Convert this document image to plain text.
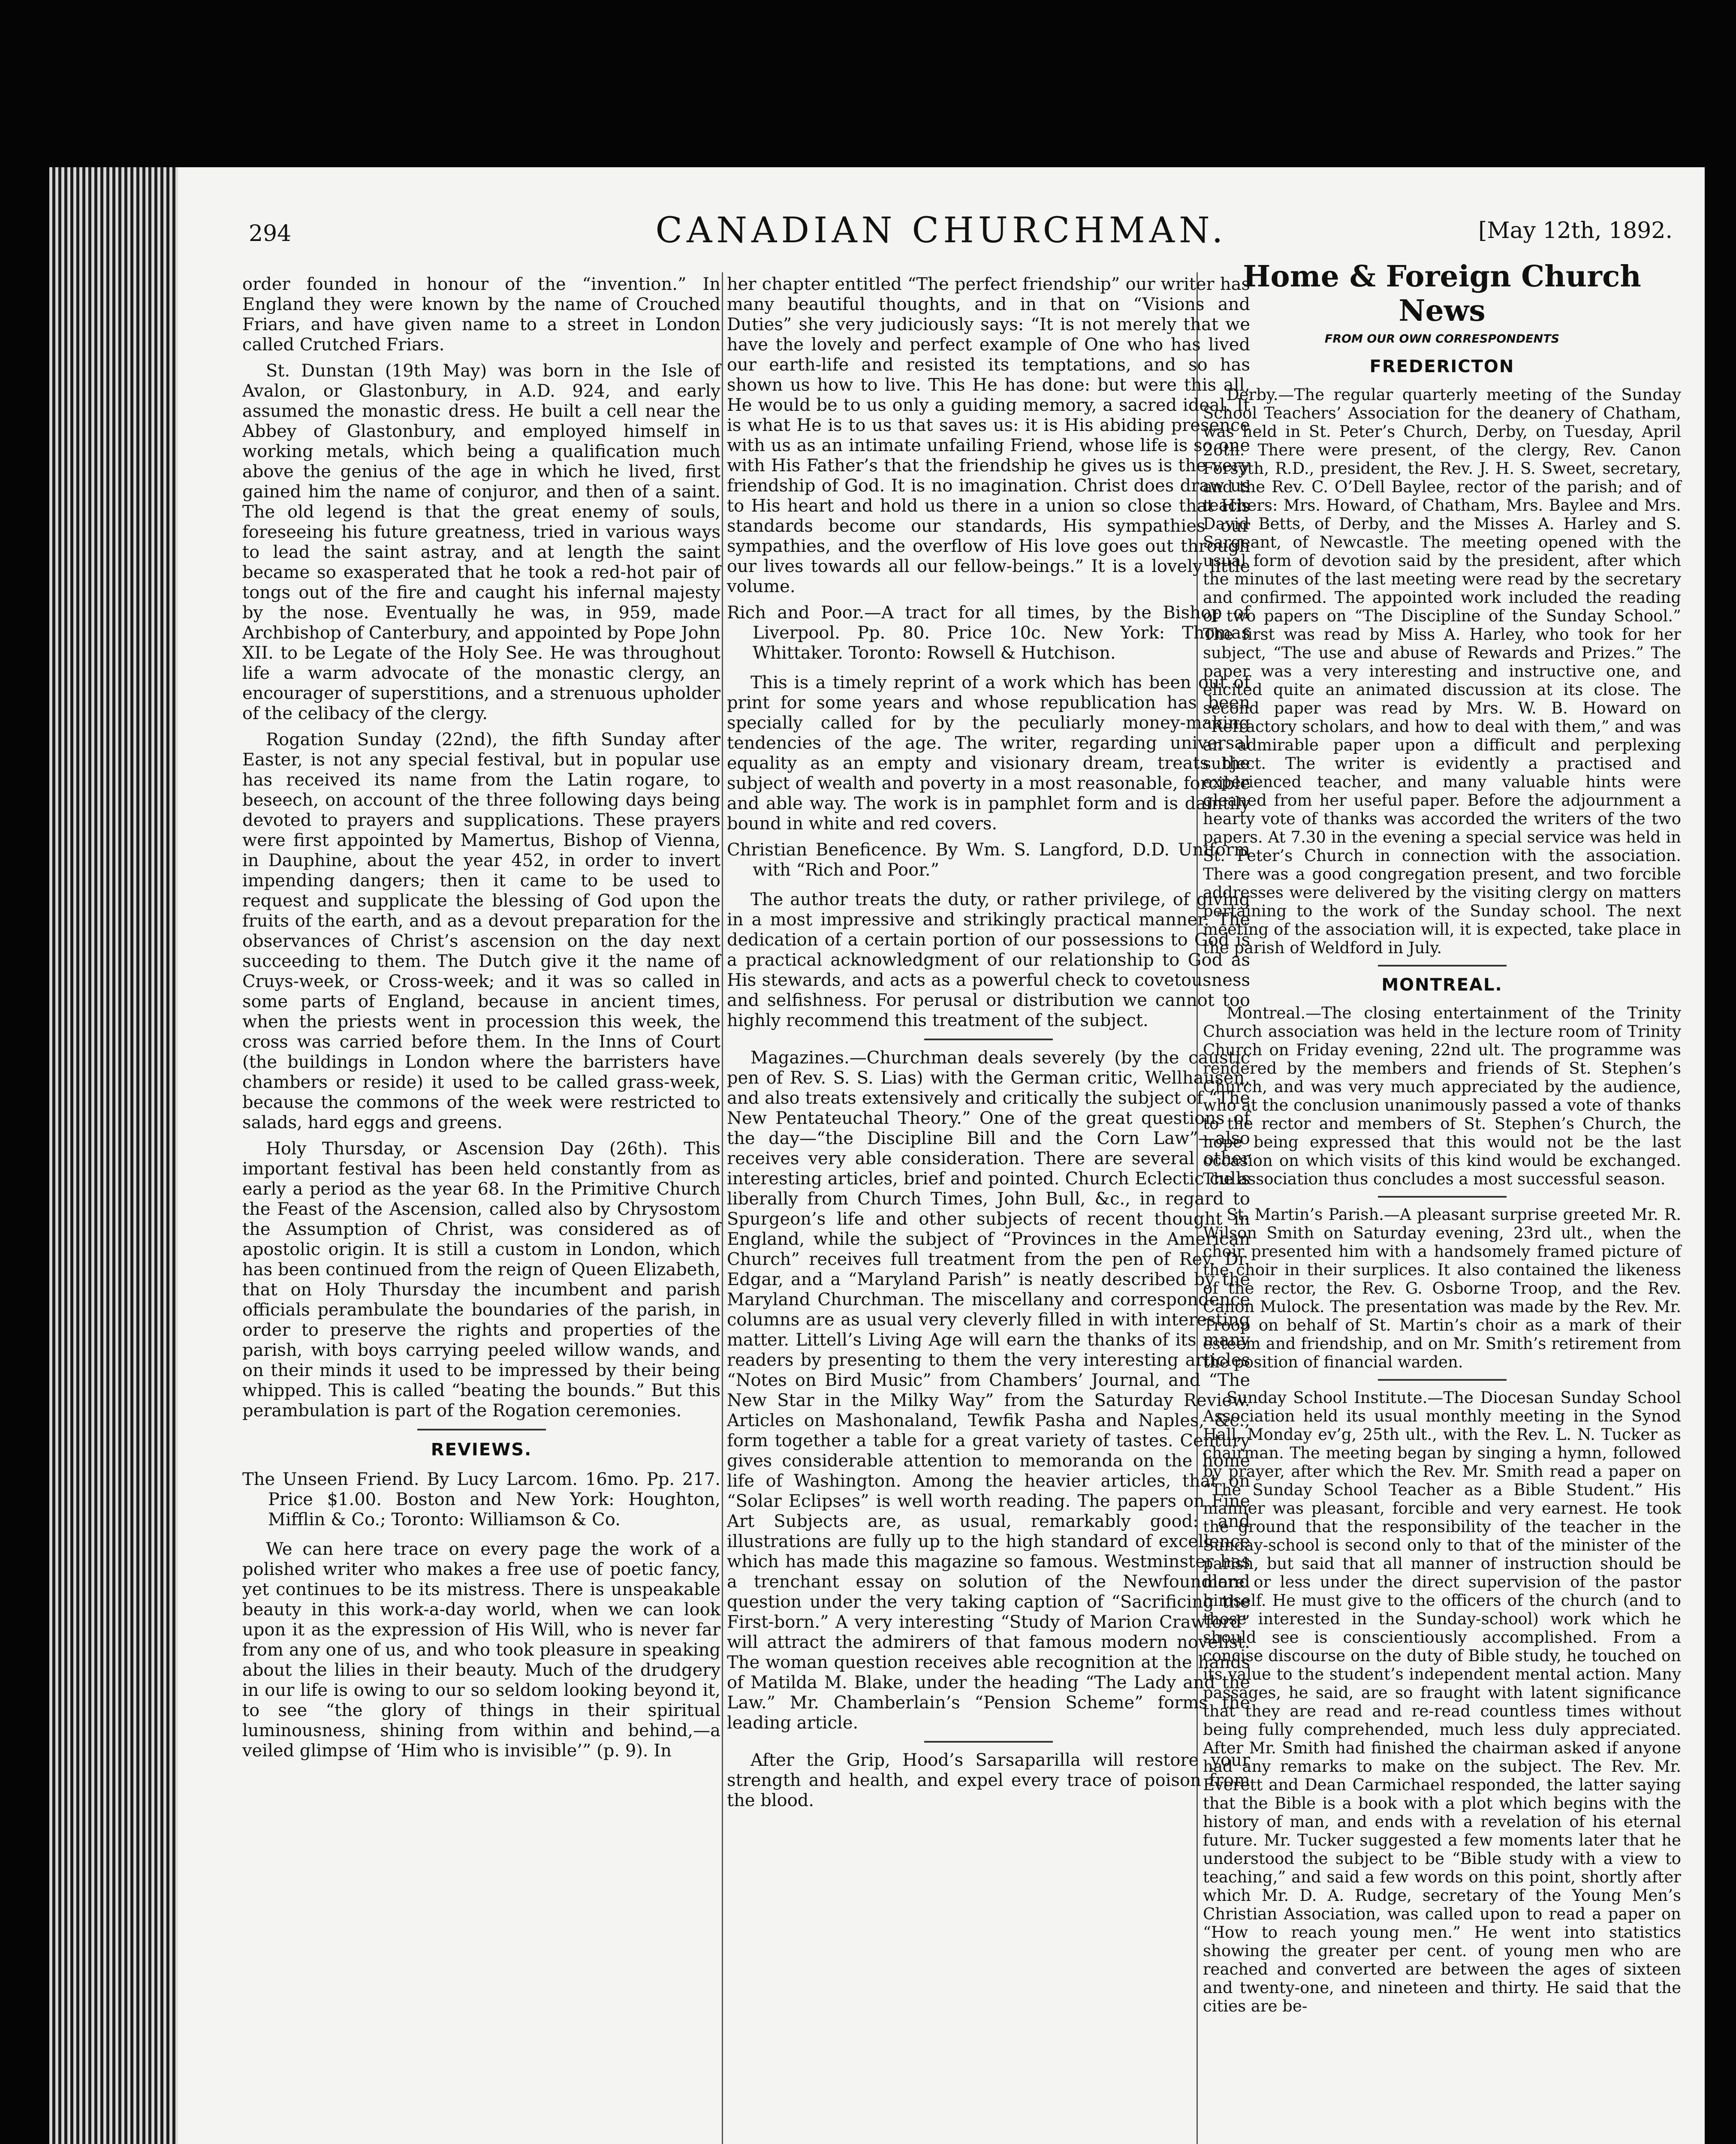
294	CANADIAN CHURCHMAN.	[May 12th, 1892.

order founded in honour of the “invention.” In England they were known by the name of Crouched Friars, and have given name to a street in London called Crutched Friars.

St. Dunstan (19th May) was born in the Isle of Avalon, or Glastonbury, in A.D. 924, and early assumed the monastic dress. He built a cell near the Abbey of Glastonbury, and employed himself in working metals, which being a qualification much above the genius of the age in which he lived, first gained him the name of conjuror, and then of a saint. The old legend is that the great enemy of souls, foreseeing his future greatness, tried in various ways to lead the saint astray, and at length the saint became so exasperated that he took a red-hot pair of tongs out of the fire and caught his infernal majesty by the nose. Eventually he was, in 959, made Archbishop of Canterbury, and appointed by Pope John XII. to be Legate of the Holy See. He was throughout life a warm advocate of the monastic clergy, an encourager of superstitions, and a strenuous upholder of the celibacy of the clergy.

Rogation Sunday (22nd), the fifth Sunday after Easter, is not any special festival, but in popular use has received its name from the Latin rogare, to beseech, on account of the three following days being devoted to prayers and supplications. These prayers were first appointed by Mamertus, Bishop of Vienna, in Dauphine, about the year 452, in order to invert impending dangers; then it came to be used to request and supplicate the blessing of God upon the fruits of the earth, and as a devout preparation for the observances of Christ’s ascension on the day next succeeding to them. The Dutch give it the name of Cruys-week, or Cross-week; and it was so called in some parts of England, because in ancient times, when the priests went in procession this week, the cross was carried before them. In the Inns of Court (the buildings in London where the barristers have chambers or reside) it used to be called grass-week, because the commons of the week were restricted to salads, hard eggs and greens.

Holy Thursday, or Ascension Day (26th). This important festival has been held constantly from as early a period as the year 68. In the Primitive Church the Feast of the Ascension, called also by Chrysostom the Assumption of Christ, was considered as of apostolic origin. It is still a custom in London, which has been continued from the reign of Queen Elizabeth, that on Holy Thursday the incumbent and parish officials perambulate the boundaries of the parish, in order to preserve the rights and properties of the parish, with boys carrying peeled willow wands, and on their minds it used to be impressed by their being whipped. This is called “beating the bounds.” But this perambulation is part of the Rogation ceremonies.

REVIEWS.

The Unseen Friend. By Lucy Larcom. 16mo. Pp. 217. Price $1.00. Boston and New York: Houghton, Mifflin & Co.; Toronto: Williamson & Co.

We can here trace on every page the work of a polished writer who makes a free use of poetic fancy, yet continues to be its mistress. There is unspeakable beauty in this work-a-day world, when we can look upon it as the expression of His Will, who is never far from any one of us, and who took pleasure in speaking about the lilies in their beauty. Much of the drudgery in our life is owing to our so seldom looking beyond it, to see “the glory of things in their spiritual luminousness, shining from within and behind,—a veiled glimpse of ‘Him who is invisible’” (p. 9). In

her chapter entitled “The perfect friendship” our writer has many beautiful thoughts, and in that on “Visions and Duties” she very judiciously says: “It is not merely that we have the lovely and perfect example of One who has lived our earth-life and resisted its temptations, and so has shown us how to live. This He has done: but were this all, He would be to us only a guiding memory, a sacred ideal. It is what He is to us that saves us: it is His abiding presence with us as an intimate unfailing Friend, whose life is so one with His Father’s that the friendship he gives us is the very friendship of God. It is no imagination. Christ does draw us to His heart and hold us there in a union so close that His standards become our standards, His sympathies our sympathies, and the overflow of His love goes out through our lives towards all our fellow-beings.” It is a lovely little volume.

Rich and Poor.—A tract for all times, by the Bishop of Liverpool. Pp. 80. Price 10c. New York: Thomas Whittaker. Toronto: Rowsell & Hutchison.

This is a timely reprint of a work which has been out of print for some years and whose republication has been specially called for by the peculiarly money-making tendencies of the age. The writer, regarding universal equality as an empty and visionary dream, treats the subject of wealth and poverty in a most reasonable, forcible and able way. The work is in pamphlet form and is daintily bound in white and red covers.

Christian Beneficence. By Wm. S. Langford, D.D. Uniform with “Rich and Poor.”

The author treats the duty, or rather privilege, of giving in a most impressive and strikingly practical manner. The dedication of a certain portion of our possessions to God is a practical acknowledgment of our relationship to God as His stewards, and acts as a powerful check to covetousness and selfishness. For perusal or distribution we cannot too highly recommend this treatment of the subject.

Magazines.—Churchman deals severely (by the caustic pen of Rev. S. S. Lias) with the German critic, Wellhausen, and also treats extensively and critically the subject of “The New Pentateuchal Theory.” One of the great questions of the day—“the Discipline Bill and the Corn Law”—also receives very able consideration. There are several other interesting articles, brief and pointed. Church Eclectic culls liberally from Church Times, John Bull, &c., in regard to Spurgeon’s life and other subjects of recent thought in England, while the subject of “Provinces in the American Church” receives full treatment from the pen of Rev. Dr. Edgar, and a “Maryland Parish” is neatly described by the Maryland Churchman. The miscellany and correspondence columns are as usual very cleverly filled in with interesting matter. Littell’s Living Age will earn the thanks of its many readers by presenting to them the very interesting articles “Notes on Bird Music” from Chambers’ Journal, and “The New Star in the Milky Way” from the Saturday Review. Articles on Mashonaland, Tewfik Pasha and Naples, &c., form together a table for a great variety of tastes. Century gives considerable attention to memoranda on the home life of Washington. Among the heavier articles, that on “Solar Eclipses” is well worth reading. The papers on Fine Art Subjects are, as usual, remarkably good: and illustrations are fully up to the high standard of excellence which has made this magazine so famous. Westminster has a trenchant essay on solution of the Newfoundland question under the very taking caption of “Sacrificing the First-born.” A very interesting “Study of Marion Crawford” will attract the admirers of that famous modern novelist. The woman question receives able recognition at the hands of Matilda M. Blake, under the heading “The Lady and the Law.” Mr. Chamberlain’s “Pension Scheme” forms the leading article.

After the Grip, Hood’s Sarsaparilla will restore your strength and health, and expel every trace of poison from the blood.

Home & Foreign Church News
FROM OUR OWN CORRESPONDENTS
FREDERICTON

Derby.—The regular quarterly meeting of the Sunday School Teachers’ Association for the deanery of Chatham, was held in St. Peter’s Church, Derby, on Tuesday, April 26th. There were present, of the clergy, Rev. Canon Forsyth, R.D., president, the Rev. J. H. S. Sweet, secretary, and the Rev. C. O’Dell Baylee, rector of the parish; and of teachers: Mrs. Howard, of Chatham, Mrs. Baylee and Mrs. David Betts, of Derby, and the Misses A. Harley and S. Sargeant, of Newcastle. The meeting opened with the usual form of devotion said by the president, after which the minutes of the last meeting were read by the secretary and confirmed. The appointed work included the reading of two papers on “The Discipline of the Sunday School.” The first was read by Miss A. Harley, who took for her subject, “The use and abuse of Rewards and Prizes.” The paper was a very interesting and instructive one, and elicited quite an animated discussion at its close. The second paper was read by Mrs. W. B. Howard on “Refractory scholars, and how to deal with them,” and was an admirable paper upon a difficult and perplexing subject. The writer is evidently a practised and experienced teacher, and many valuable hints were gleaned from her useful paper. Before the adjournment a hearty vote of thanks was accorded the writers of the two papers. At 7.30 in the evening a special service was held in St. Peter’s Church in connection with the association. There was a good congregation present, and two forcible addresses were delivered by the visiting clergy on matters pertaining to the work of the Sunday school. The next meeting of the association will, it is expected, take place in the parish of Weldford in July.

MONTREAL.

Montreal.—The closing entertainment of the Trinity Church association was held in the lecture room of Trinity Church on Friday evening, 22nd ult. The programme was rendered by the members and friends of St. Stephen’s Church, and was very much appreciated by the audience, who at the conclusion unanimously passed a vote of thanks to the rector and members of St. Stephen’s Church, the hope being expressed that this would not be the last occasion on which visits of this kind would be exchanged. The association thus concludes a most successful season.

St. Martin’s Parish.—A pleasant surprise greeted Mr. R. Wilson Smith on Saturday evening, 23rd ult., when the choir presented him with a handsomely framed picture of the choir in their surplices. It also contained the likeness of the rector, the Rev. G. Osborne Troop, and the Rev. Canon Mulock. The presentation was made by the Rev. Mr. Troop on behalf of St. Martin’s choir as a mark of their esteem and friendship, and on Mr. Smith’s retirement from the position of financial warden.

Sunday School Institute.—The Diocesan Sunday School Association held its usual monthly meeting in the Synod Hall, Monday ev’g, 25th ult., with the Rev. L. N. Tucker as chairman. The meeting began by singing a hymn, followed by prayer, after which the Rev. Mr. Smith read a paper on “The Sunday School Teacher as a Bible Student.” His manner was pleasant, forcible and very earnest. He took the ground that the responsibility of the teacher in the Sunday-school is second only to that of the minister of the parish, but said that all manner of instruction should be more or less under the direct supervision of the pastor himself. He must give to the officers of the church (and to those interested in the Sunday-school) work which he should see is conscientiously accomplished. From a concise discourse on the duty of Bible study, he touched on its value to the student’s independent mental action. Many passages, he said, are so fraught with latent significance that they are read and re-read countless times without being fully comprehended, much less duly appreciated. After Mr. Smith had finished the chairman asked if anyone had any remarks to make on the subject. The Rev. Mr. Everett and Dean Carmichael responded, the latter saying that the Bible is a book with a plot which begins with the history of man, and ends with a revelation of his eternal future. Mr. Tucker suggested a few moments later that he understood the subject to be “Bible study with a view to teaching,” and said a few words on this point, shortly after which Mr. D. A. Rudge, secretary of the Young Men’s Christian Association, was called upon to read a paper on “How to reach young men.” He went into statistics showing the greater per cent. of young men who are reached and converted are between the ages of sixteen and twenty-one, and nineteen and thirty. He said that the cities are be-
